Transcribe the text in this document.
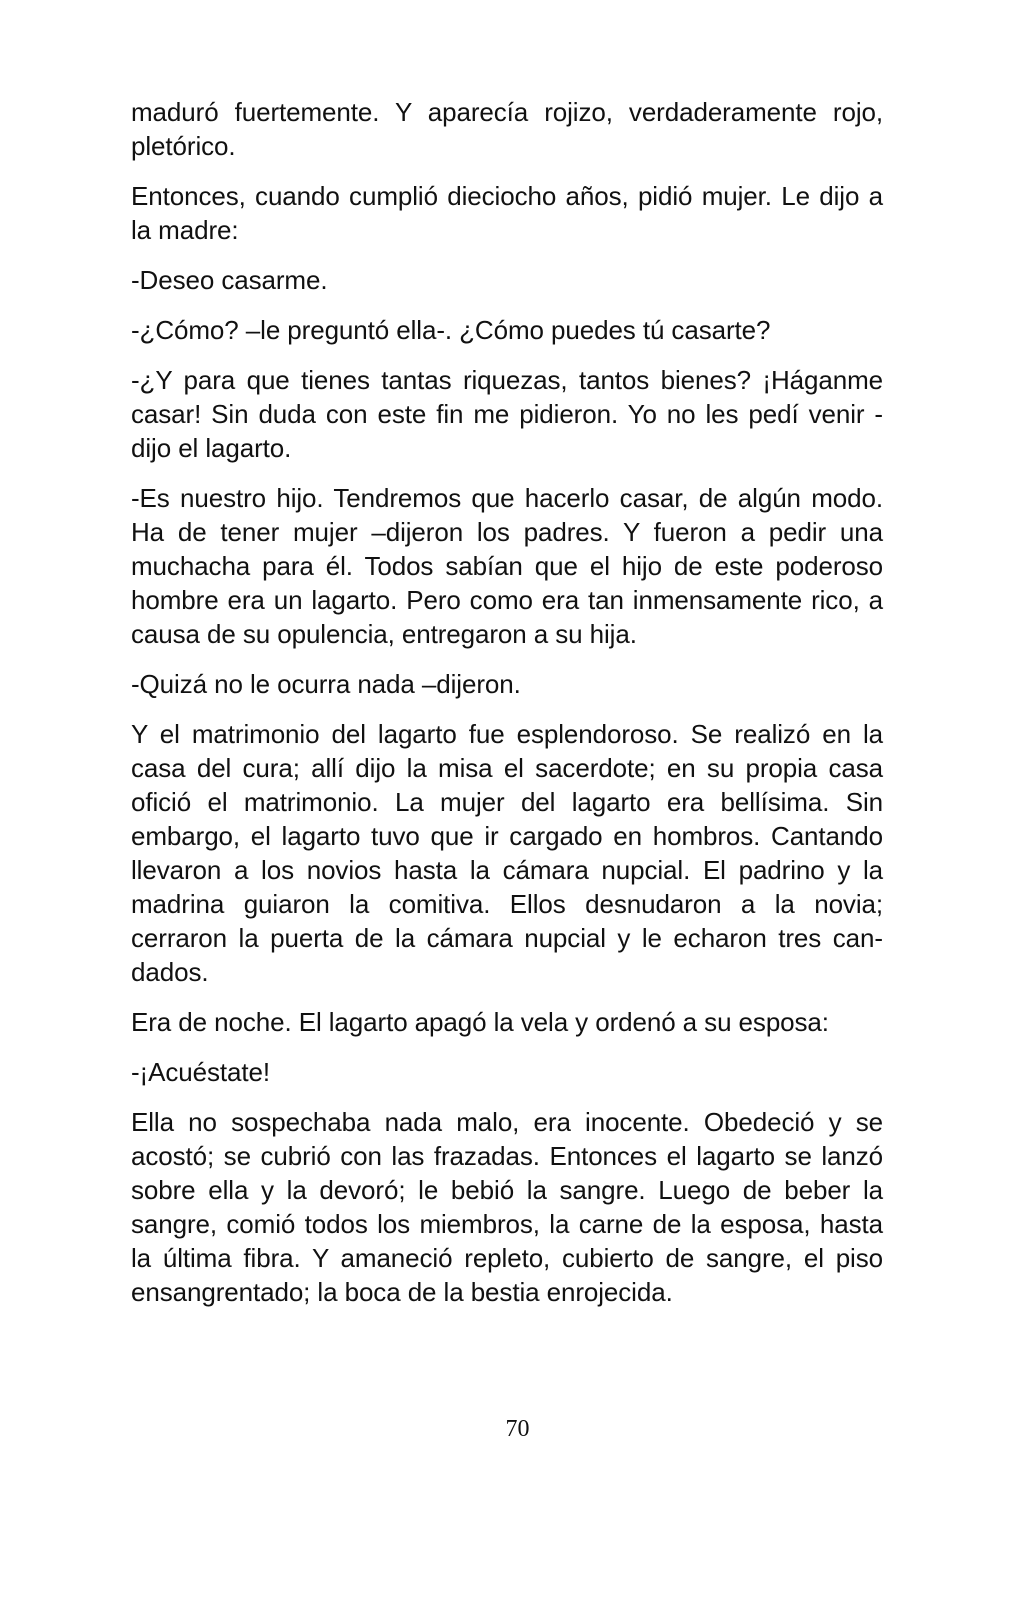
maduró fuertemente. Y aparecía rojizo, verdaderamente rojo, pletórico.

Entonces, cuando cumplió dieciocho años, pidió mujer. Le dijo a la madre:

-Deseo casarme.

-¿Cómo? –le preguntó ella-. ¿Cómo puedes tú casarte?

-¿Y para que tienes tantas riquezas, tantos bienes? ¡Háganme casar! Sin duda con este fin me pidieron. Yo no les pedí venir -dijo el lagarto.

-Es nuestro hijo. Tendremos que hacerlo casar, de algún modo. Ha de tener mujer –dijeron los padres. Y fueron a pedir una muchacha para él. Todos sabían que el hijo de este poderoso hombre era un lagarto. Pero como era tan inmensamente rico, a causa de su opulencia, entregaron a su hija.

-Quizá no le ocurra nada –dijeron.

Y el matrimonio del lagarto fue esplendoroso. Se realizó en la casa del cura; allí dijo la misa el sacerdote; en su propia casa ofició el matrimonio. La mujer del lagarto era bellísima. Sin embargo, el lagarto tuvo que ir cargado en hombros. Cantando llevaron a los novios hasta la cámara nupcial. El padrino y la madrina guiaron la comitiva. Ellos desnudaron a la novia; cerraron la puerta de la cámara nupcial y le echaron tres candados.

Era de noche. El lagarto apagó la vela y ordenó a su esposa:

-¡Acuéstate!

Ella no sospechaba nada malo, era inocente. Obedeció y se acostó; se cubrió con las frazadas. Entonces el lagarto se lanzó sobre ella y la devoró; le bebió la sangre. Luego de beber la sangre, comió todos los miembros, la carne de la esposa, hasta la última fibra. Y amaneció repleto, cubierto de sangre, el piso ensangrentado; la boca de la bestia enrojecida.

70
